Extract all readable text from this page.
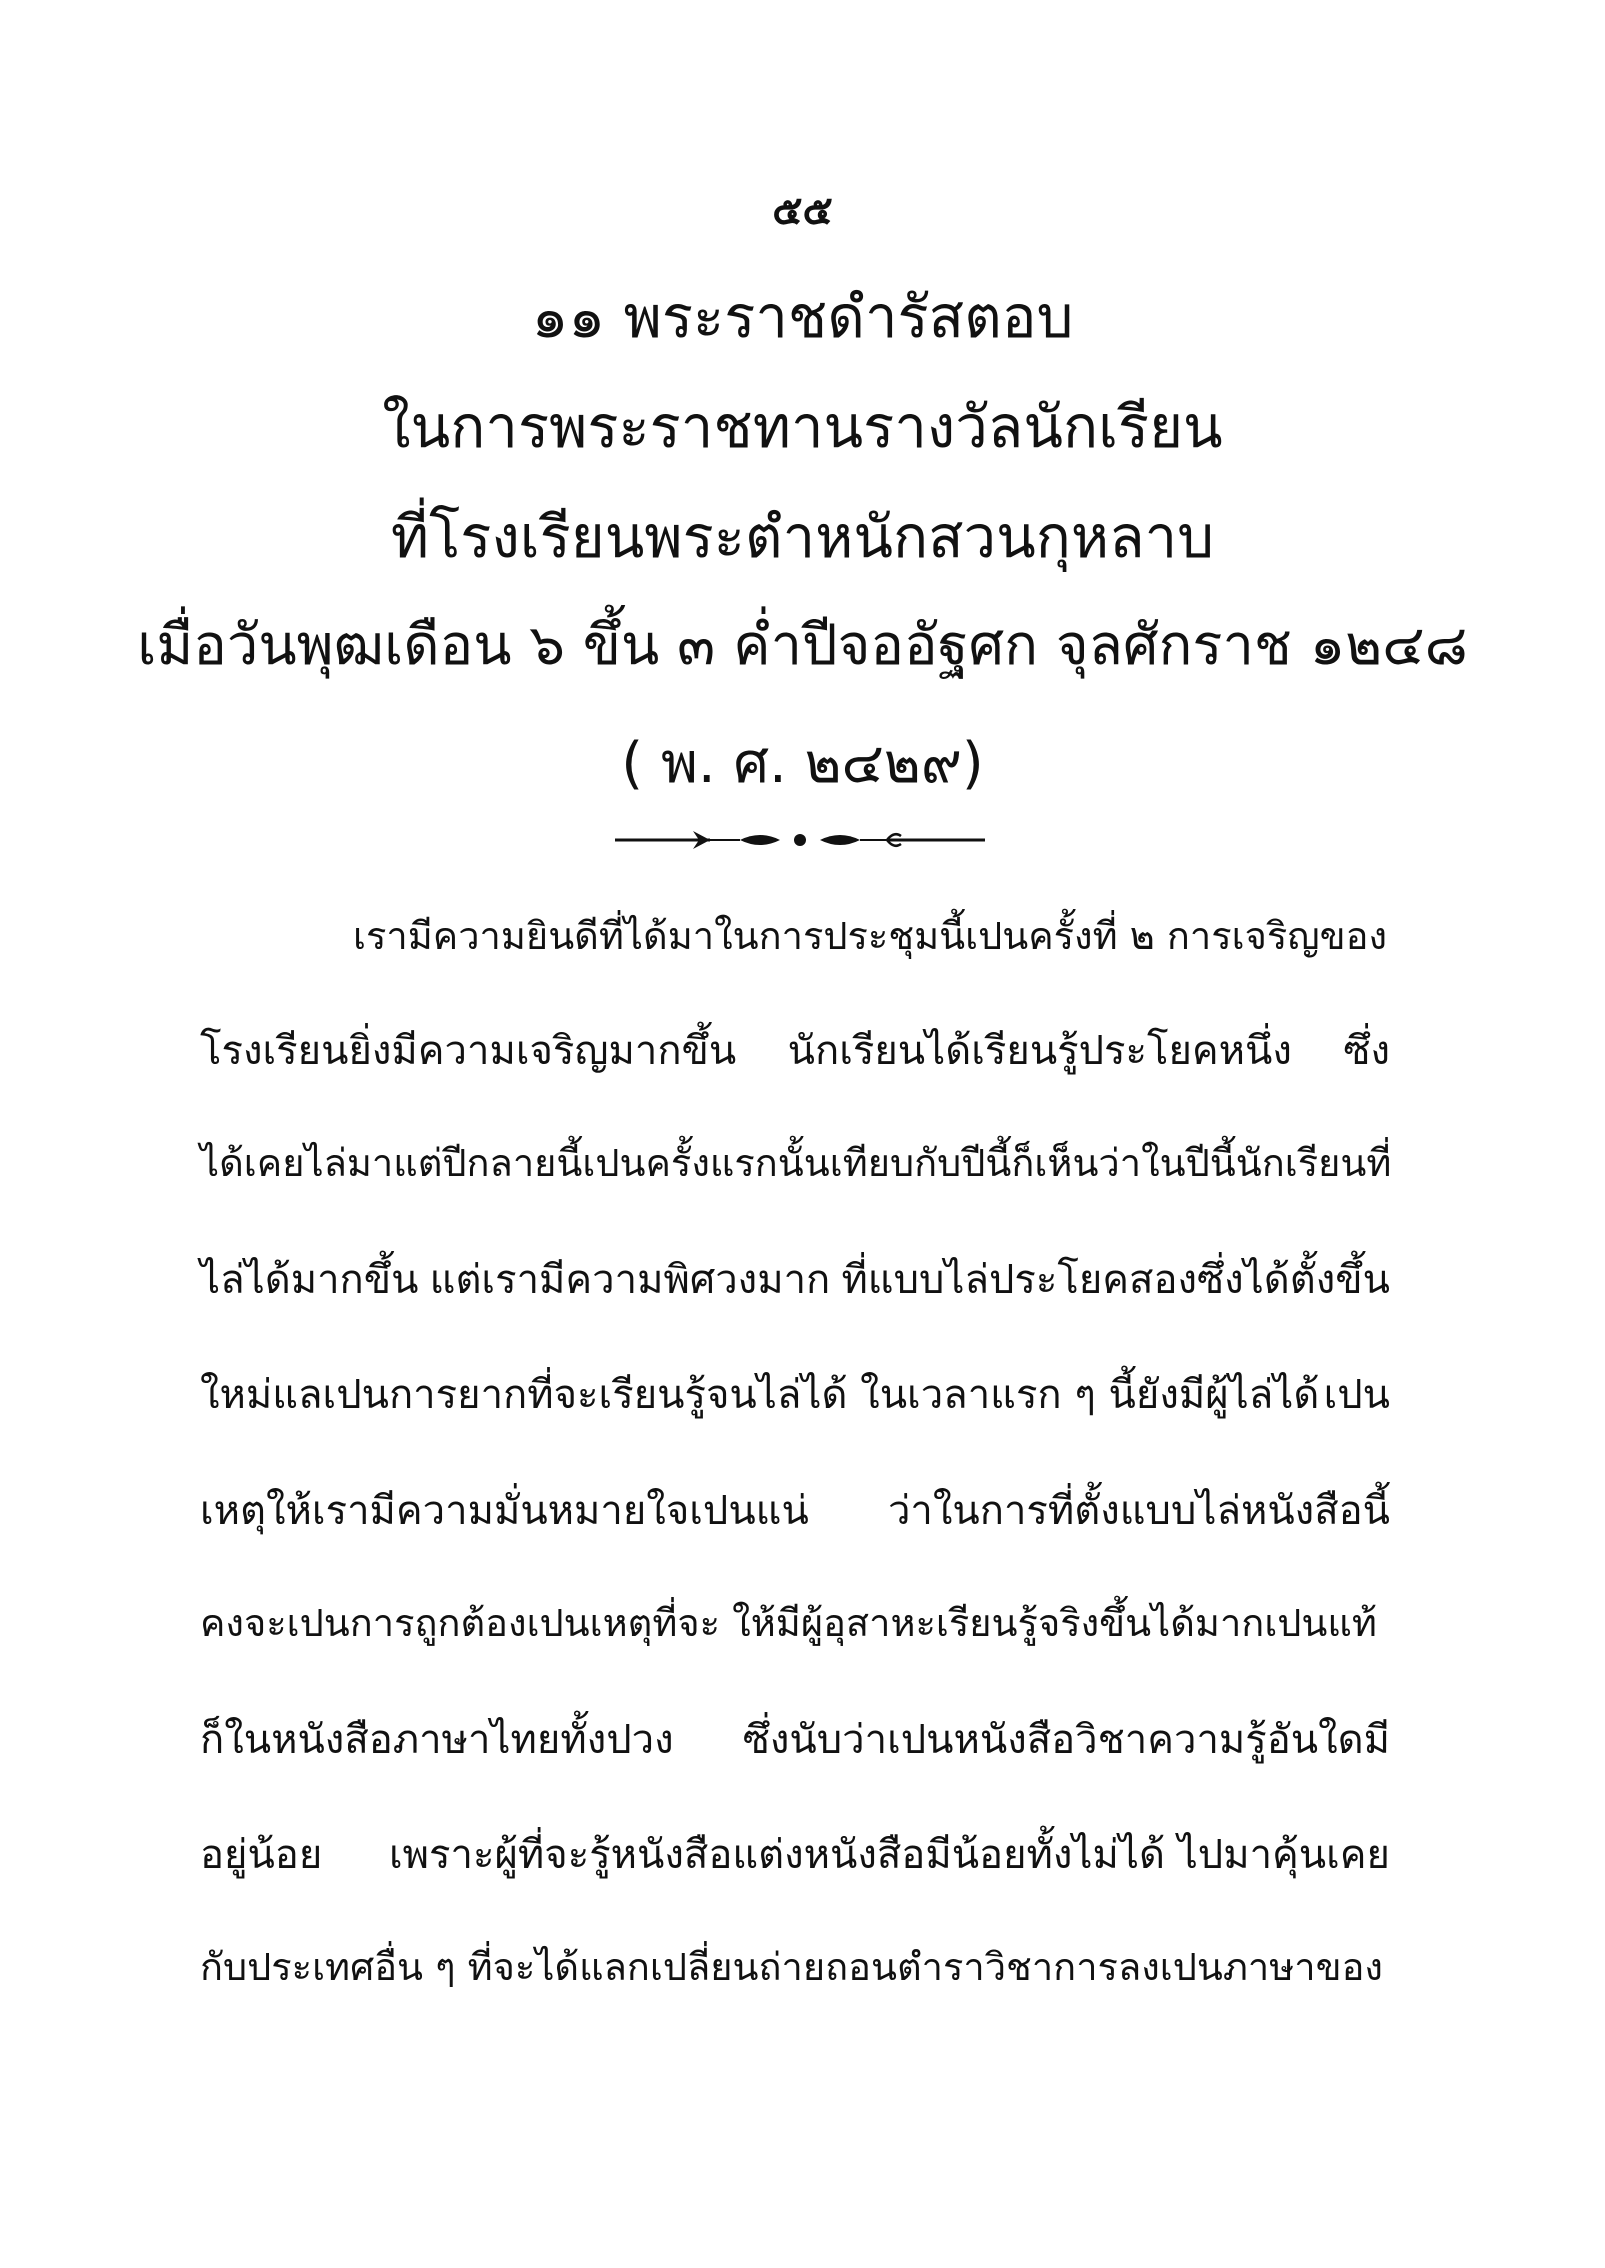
๕๕
๑๑ พระราชดำรัสตอบ
ในการพระราชทานรางวัลนักเรียน
ที่โรงเรียนพระตำหนักสวนกุหลาบ
เมื่อวันพุฒเดือน ๖ ขึ้น ๓ ค่ำปีจออัฐศก จุลศักราช ๑๒๔๘
( พ. ศ. ๒๔๒๙)
เรามีความยินดีที่ได้มาในการประชุมนี้เปนครั้งที่ ๒ การเจริญของ
โรงเรียนยิ่งมีความเจริญมากขึ้น นักเรียนได้เรียนรู้ประโยคหนึ่ง ซึ่ง
ได้เคยไล่มาแต่ปีกลายนี้เปนครั้งแรกนั้นเทียบกับปีนี้ก็เห็นว่าในปีนี้นักเรียนที่
ไล่ได้มากขึ้น แต่เรามีความพิศวงมาก ที่แบบไล่ประโยคสองซึ่งได้ตั้งขึ้น
ใหม่แลเปนการยากที่จะเรียนรู้จนไล่ได้ ในเวลาแรก ๆ นี้ยังมีผู้ไล่ได้ เปน
เหตุให้เรามีความมั่นหมายใจเปนแน่ ว่าในการที่ตั้งแบบไล่หนังสือนี้
คงจะเปนการถูกต้องเปนเหตุที่จะ ให้มีผู้อุสาหะเรียนรู้จริงขึ้นได้มากเปนแท้
ก็ในหนังสือภาษาไทยทั้งปวง ซึ่งนับว่าเปนหนังสือวิชาความรู้อันใดมี
อยู่น้อย เพราะผู้ที่จะรู้หนังสือแต่งหนังสือมีน้อยทั้งไม่ได้ ไปมาคุ้นเคย
กับประเทศอื่น ๆ ที่จะได้แลกเปลี่ยนถ่ายถอนตำราวิชาการลงเปนภาษาของ
